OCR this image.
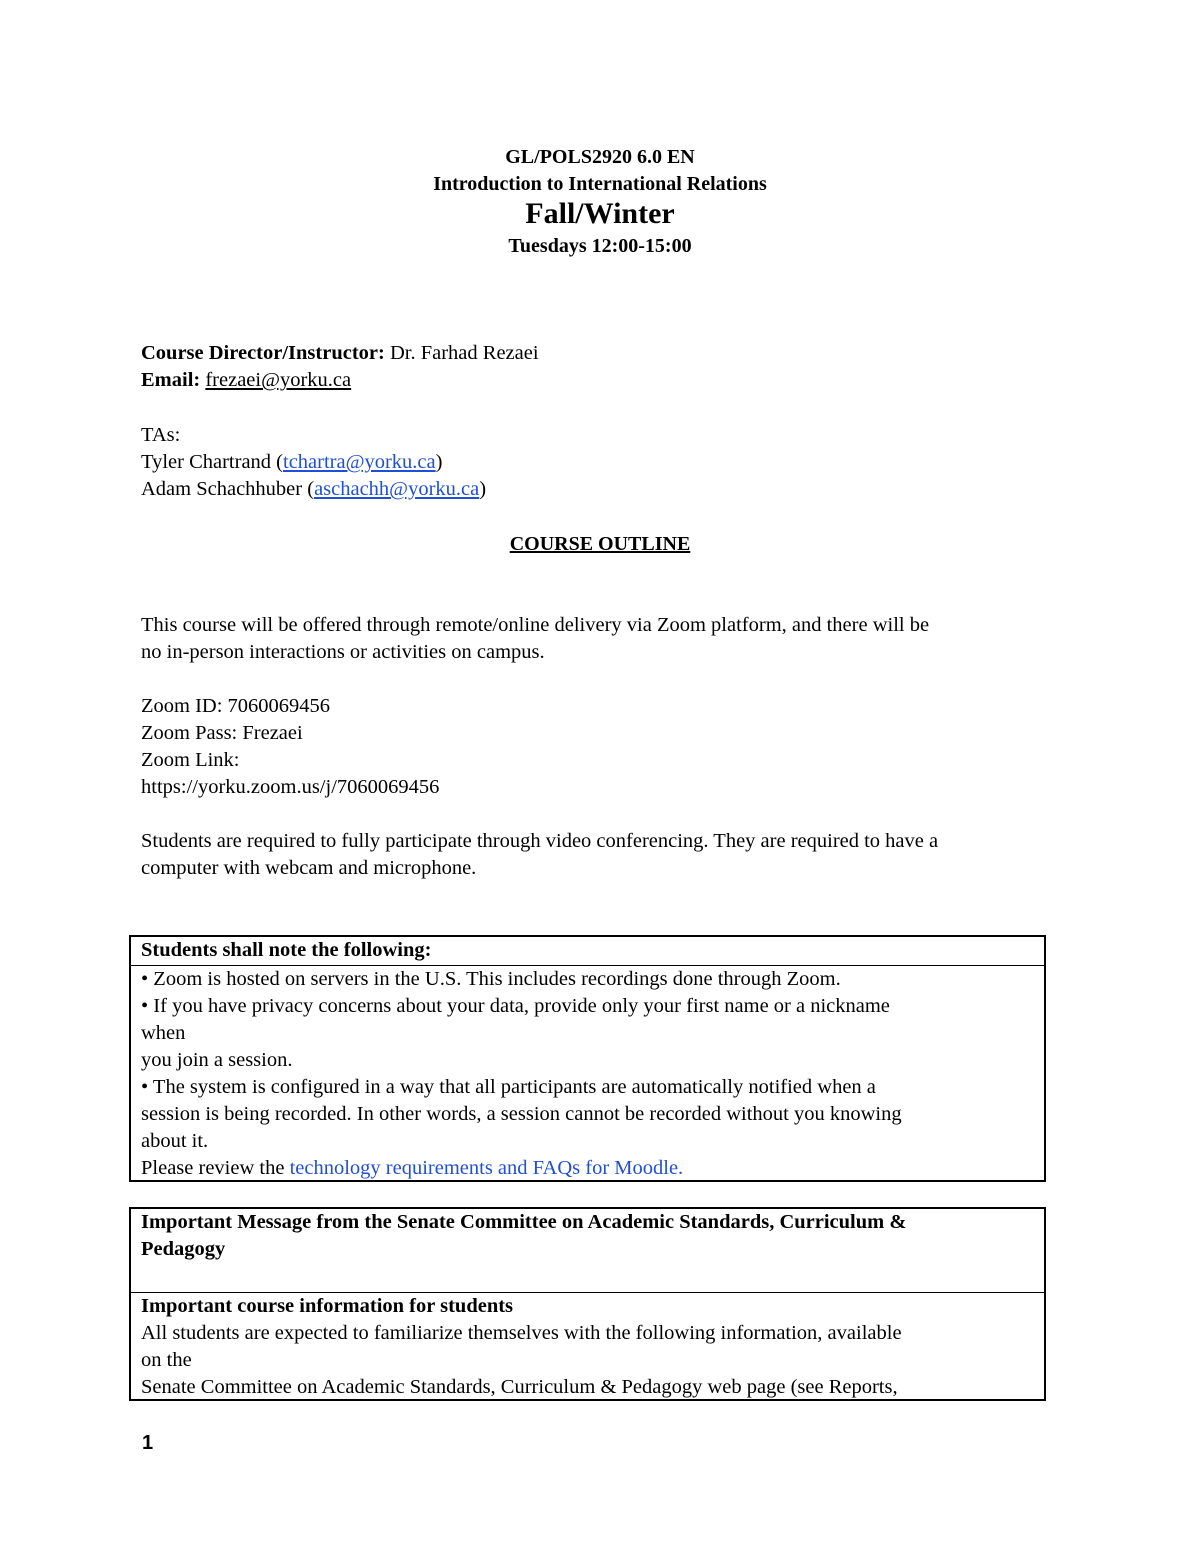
GL/POLS2920 6.0 EN
Introduction to International Relations
Fall/Winter
Tuesdays 12:00-15:00
Course Director/Instructor: Dr. Farhad Rezaei
Email: frezaei@yorku.ca
TAs:
Tyler Chartrand (tchartra@yorku.ca)
Adam Schachhuber (aschachh@yorku.ca)
COURSE OUTLINE
This course will be offered through remote/online delivery via Zoom platform, and there will be
no in-person interactions or activities on campus.
Zoom ID: 7060069456
Zoom Pass: Frezaei
Zoom Link:
https://yorku.zoom.us/j/7060069456
Students are required to fully participate through video conferencing. They are required to have a
computer with webcam and microphone.
Students shall note the following:
• Zoom is hosted on servers in the U.S. This includes recordings done through Zoom.
• If you have privacy concerns about your data, provide only your first name or a nickname
when
you join a session.
• The system is configured in a way that all participants are automatically notified when a
session is being recorded. In other words, a session cannot be recorded without you knowing
about it.
Please review the technology requirements and FAQs for Moodle.
Important Message from the Senate Committee on Academic Standards, Curriculum &
Pedagogy
Important course information for students
All students are expected to familiarize themselves with the following information, available
on the
Senate Committee on Academic Standards, Curriculum & Pedagogy web page (see Reports,
1
